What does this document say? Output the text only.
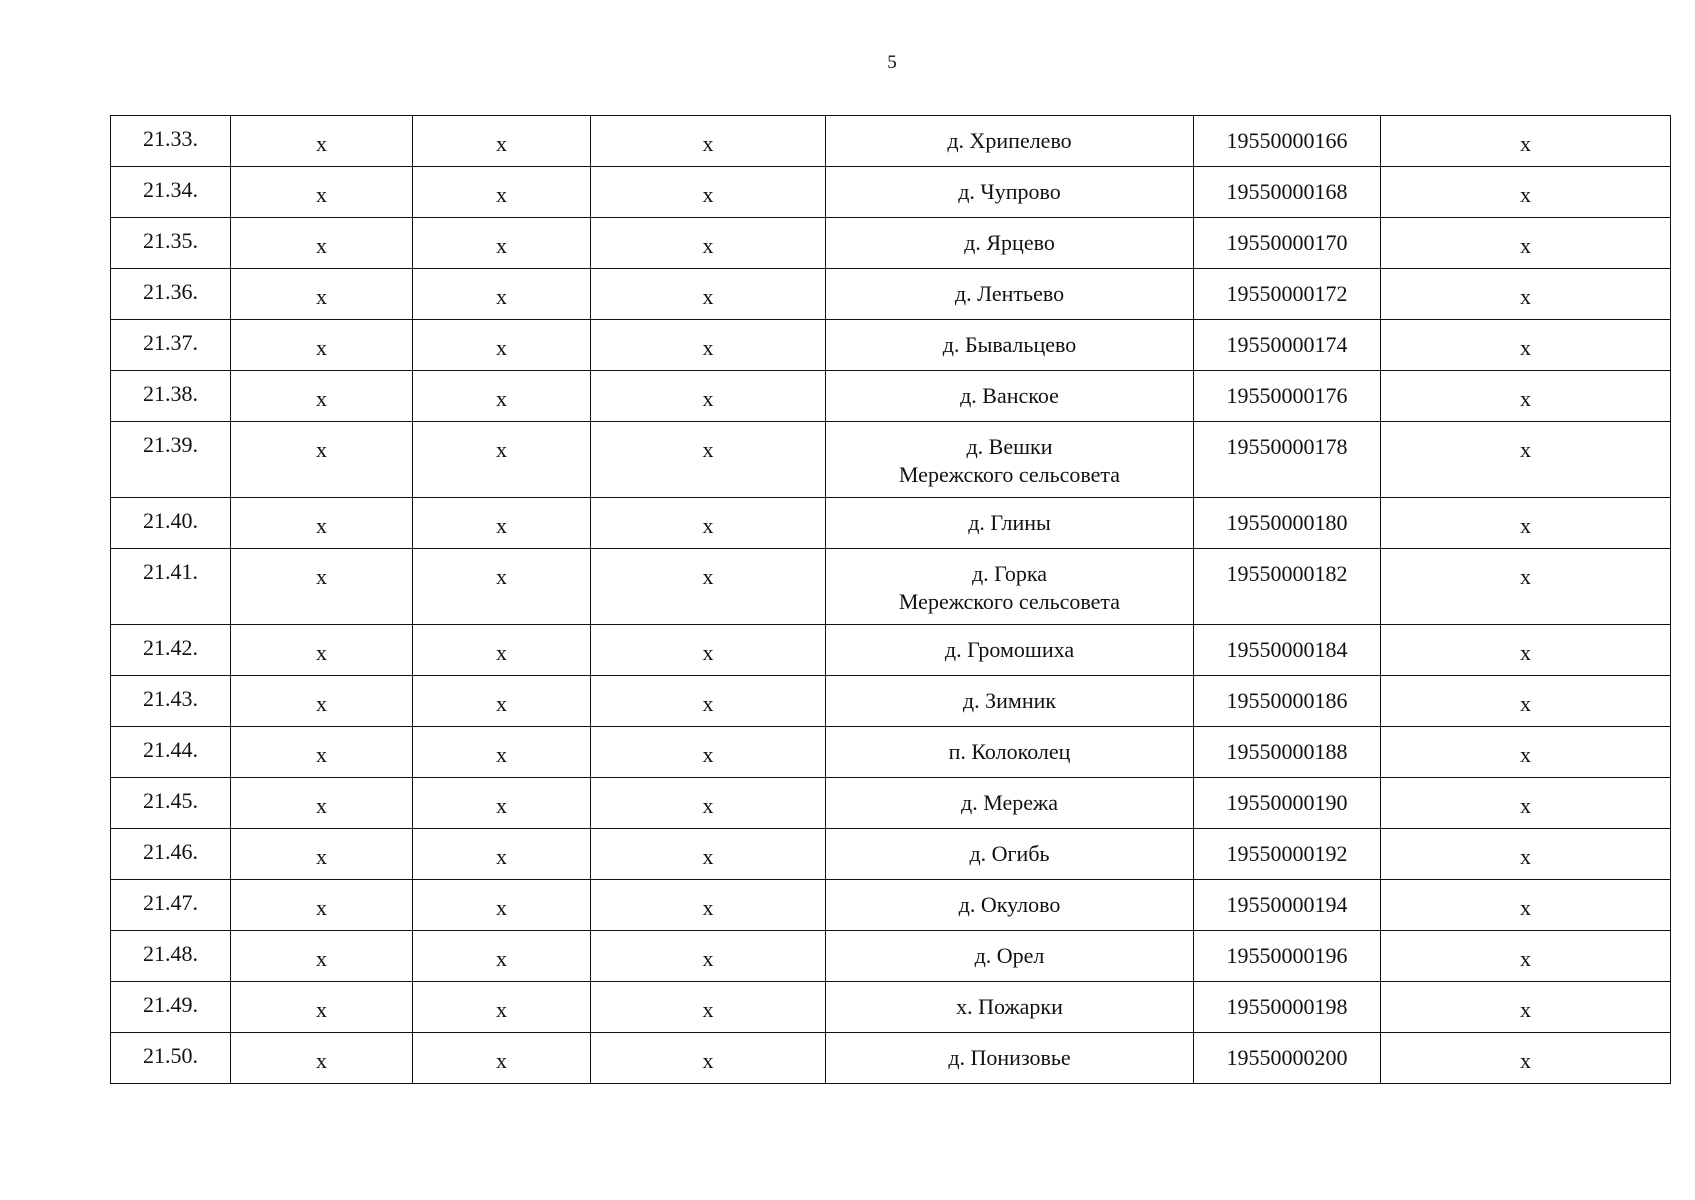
5
21.33.	x	x	x	д. Хрипелево	19550000166	x
21.34.	x	x	x	д. Чупрово	19550000168	x
21.35.	x	x	x	д. Ярцево	19550000170	x
21.36.	x	x	x	д. Лентьево	19550000172	x
21.37.	x	x	x	д. Бывальцево	19550000174	x
21.38.	x	x	x	д. Ванское	19550000176	x
21.39.	x	x	x	д. Вешки
Мережского сельсовета	19550000178	x
21.40.	x	x	x	д. Глины	19550000180	x
21.41.	x	x	x	д. Горка
Мережского сельсовета	19550000182	x
21.42.	x	x	x	д. Громошиха	19550000184	x
21.43.	x	x	x	д. Зимник	19550000186	x
21.44.	x	x	x	п. Колоколец	19550000188	x
21.45.	x	x	x	д. Мережа	19550000190	x
21.46.	x	x	x	д. Огибь	19550000192	x
21.47.	x	x	x	д. Окулово	19550000194	x
21.48.	x	x	x	д. Орел	19550000196	x
21.49.	x	x	x	х. Пожарки	19550000198	x
21.50.	x	x	x	д. Понизовье	19550000200	x
